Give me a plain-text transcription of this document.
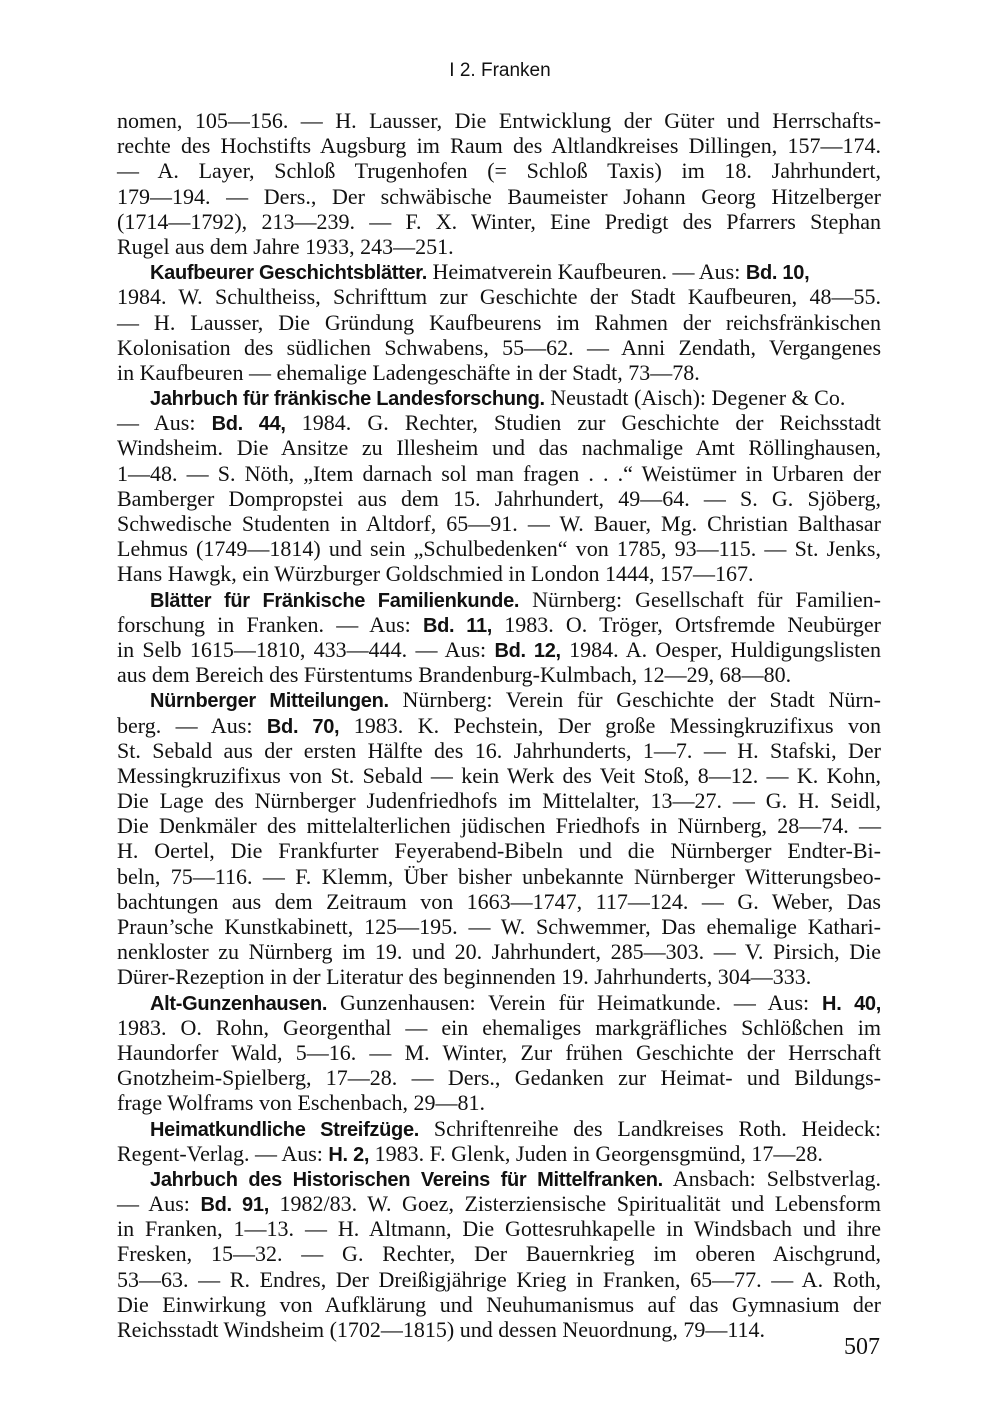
I 2. Franken
nomen, 105—156. — H. Lausser, Die Entwicklung der Güter und Herrschafts-
rechte des Hochstifts Augsburg im Raum des Altlandkreises Dillingen, 157—174.
— A. Layer, Schloß Trugenhofen (= Schloß Taxis) im 18. Jahrhundert,
179—194. — Ders., Der schwäbische Baumeister Johann Georg Hitzelberger
(1714—1792), 213—239. — F. X. Winter, Eine Predigt des Pfarrers Stephan
Rugel aus dem Jahre 1933, 243—251.
Kaufbeurer Geschichtsblätter. Heimatverein Kaufbeuren. — Aus: Bd. 10,
1984. W. Schultheiss, Schrifttum zur Geschichte der Stadt Kaufbeuren, 48—55.
— H. Lausser, Die Gründung Kaufbeurens im Rahmen der reichsfränkischen
Kolonisation des südlichen Schwabens, 55—62. — Anni Zendath, Vergangenes
in Kaufbeuren — ehemalige Ladengeschäfte in der Stadt, 73—78.
Jahrbuch für fränkische Landesforschung. Neustadt (Aisch): Degener & Co.
— Aus: Bd. 44, 1984. G. Rechter, Studien zur Geschichte der Reichsstadt
Windsheim. Die Ansitze zu Illesheim und das nachmalige Amt Röllinghausen,
1—48. — S. Nöth, „Item darnach sol man fragen . . .“ Weistümer in Urbaren der
Bamberger Dompropstei aus dem 15. Jahrhundert, 49—64. — S. G. Sjöberg,
Schwedische Studenten in Altdorf, 65—91. — W. Bauer, Mg. Christian Balthasar
Lehmus (1749—1814) und sein „Schulbedenken“ von 1785, 93—115. — St. Jenks,
Hans Hawgk, ein Würzburger Goldschmied in London 1444, 157—167.
Blätter für Fränkische Familienkunde. Nürnberg: Gesellschaft für Familien-
forschung in Franken. — Aus: Bd. 11, 1983. O. Tröger, Ortsfremde Neubürger
in Selb 1615—1810, 433—444. — Aus: Bd. 12, 1984. A. Oesper, Huldigungslisten
aus dem Bereich des Fürstentums Brandenburg-Kulmbach, 12—29, 68—80.
Nürnberger Mitteilungen. Nürnberg: Verein für Geschichte der Stadt Nürn-
berg. — Aus: Bd. 70, 1983. K. Pechstein, Der große Messingkruzifixus von
St. Sebald aus der ersten Hälfte des 16. Jahrhunderts, 1—7. — H. Stafski, Der
Messingkruzifixus von St. Sebald — kein Werk des Veit Stoß, 8—12. — K. Kohn,
Die Lage des Nürnberger Judenfriedhofs im Mittelalter, 13—27. — G. H. Seidl,
Die Denkmäler des mittelalterlichen jüdischen Friedhofs in Nürnberg, 28—74. —
H. Oertel, Die Frankfurter Feyerabend-Bibeln und die Nürnberger Endter-Bi-
beln, 75—116. — F. Klemm, Über bisher unbekannte Nürnberger Witterungsbeo-
bachtungen aus dem Zeitraum von 1663—1747, 117—124. — G. Weber, Das
Praun’sche Kunstkabinett, 125—195. — W. Schwemmer, Das ehemalige Kathari-
nenkloster zu Nürnberg im 19. und 20. Jahrhundert, 285—303. — V. Pirsich, Die
Dürer-Rezeption in der Literatur des beginnenden 19. Jahrhunderts, 304—333.
Alt-Gunzenhausen. Gunzenhausen: Verein für Heimatkunde. — Aus: H. 40,
1983. O. Rohn, Georgenthal — ein ehemaliges markgräfliches Schlößchen im
Haundorfer Wald, 5—16. — M. Winter, Zur frühen Geschichte der Herrschaft
Gnotzheim-Spielberg, 17—28. — Ders., Gedanken zur Heimat- und Bildungs-
frage Wolframs von Eschenbach, 29—81.
Heimatkundliche Streifzüge. Schriftenreihe des Landkreises Roth. Heideck:
Regent-Verlag. — Aus: H. 2, 1983. F. Glenk, Juden in Georgensgmünd, 17—28.
Jahrbuch des Historischen Vereins für Mittelfranken. Ansbach: Selbstverlag.
— Aus: Bd. 91, 1982/83. W. Goez, Zisterziensische Spiritualität und Lebensform
in Franken, 1—13. — H. Altmann, Die Gottesruhkapelle in Windsbach und ihre
Fresken, 15—32. — G. Rechter, Der Bauernkrieg im oberen Aischgrund,
53—63. — R. Endres, Der Dreißigjährige Krieg in Franken, 65—77. — A. Roth,
Die Einwirkung von Aufklärung und Neuhumanismus auf das Gymnasium der
Reichsstadt Windsheim (1702—1815) und dessen Neuordnung, 79—114.
507
